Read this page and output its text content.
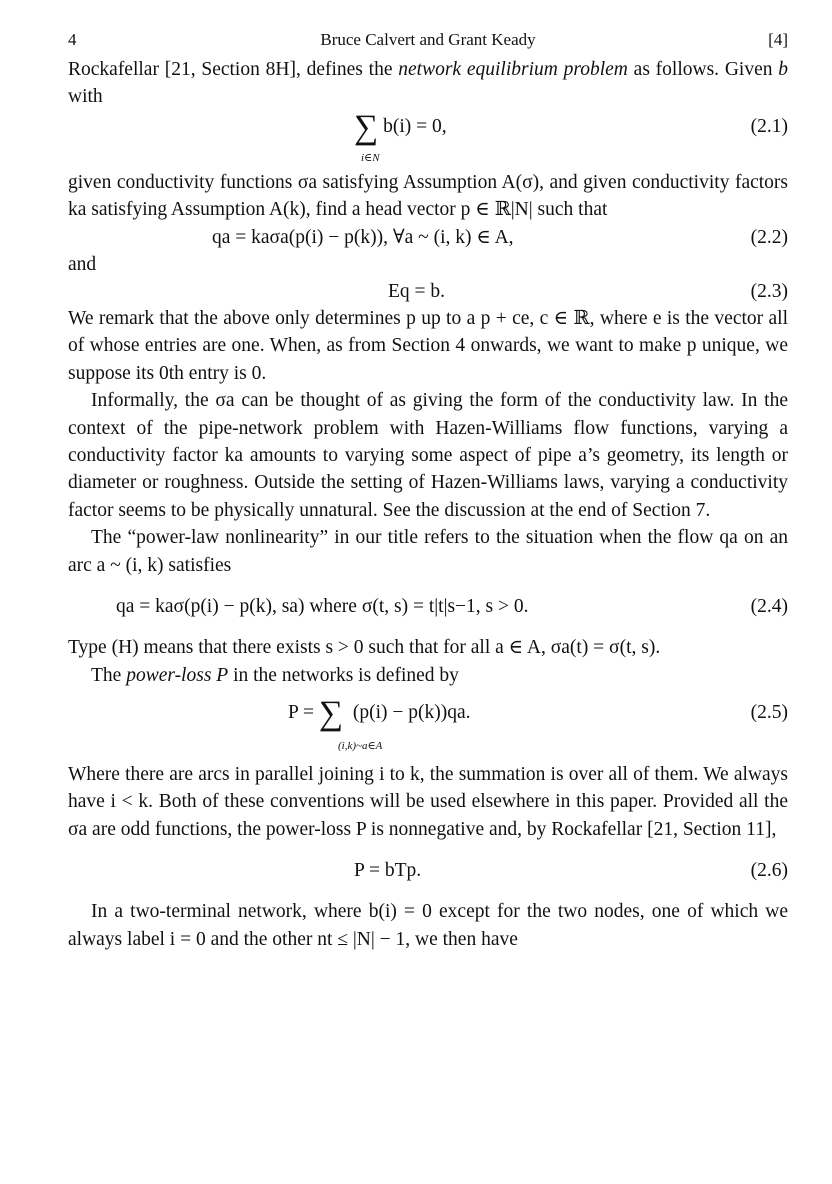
4	Bruce Calvert and Grant Keady	[4]

Rockafellar [21, Section 8H], defines the network equilibrium problem as follows. Given b with

∑ b(i) = 0,
i∈N
(2.1)

given conductivity functions σa satisfying Assumption A(σ), and given conductivity factors ka satisfying Assumption A(k), find a head vector p ∈ ℝ|N| such that

qa = kaσa(p(i) − p(k)), ∀a ~ (i, k) ∈ A,	(2.2)

and

Eq = b.	(2.3)

We remark that the above only determines p up to a p + ce, c ∈ ℝ, where e is the vector all of whose entries are one. When, as from Section 4 onwards, we want to make p unique, we suppose its 0th entry is 0.

Informally, the σa can be thought of as giving the form of the conductivity law. In the context of the pipe-network problem with Hazen-Williams flow functions, varying a conductivity factor ka amounts to varying some aspect of pipe a’s geometry, its length or diameter or roughness. Outside the setting of Hazen-Williams laws, varying a conductivity factor seems to be physically unnatural. See the discussion at the end of Section 7.

The “power-law nonlinearity” in our title refers to the situation when the flow qa on an arc a ~ (i, k) satisfies

qa = kaσ(p(i) − p(k), sa) where σ(t, s) = t|t|s−1, s > 0.	(2.4)

Type (H) means that there exists s > 0 such that for all a ∈ A, σa(t) = σ(t, s).

The power-loss P in the networks is defined by

P = ∑ (p(i) − p(k))qa.
(i,k)~a∈A
(2.5)

Where there are arcs in parallel joining i to k, the summation is over all of them. We always have i < k. Both of these conventions will be used elsewhere in this paper. Provided all the σa are odd functions, the power-loss P is nonnegative and, by Rockafellar [21, Section 11],

P = bTp.	(2.6)

In a two-terminal network, where b(i) = 0 except for the two nodes, one of which we always label i = 0 and the other nt ≤ |N| − 1, we then have
